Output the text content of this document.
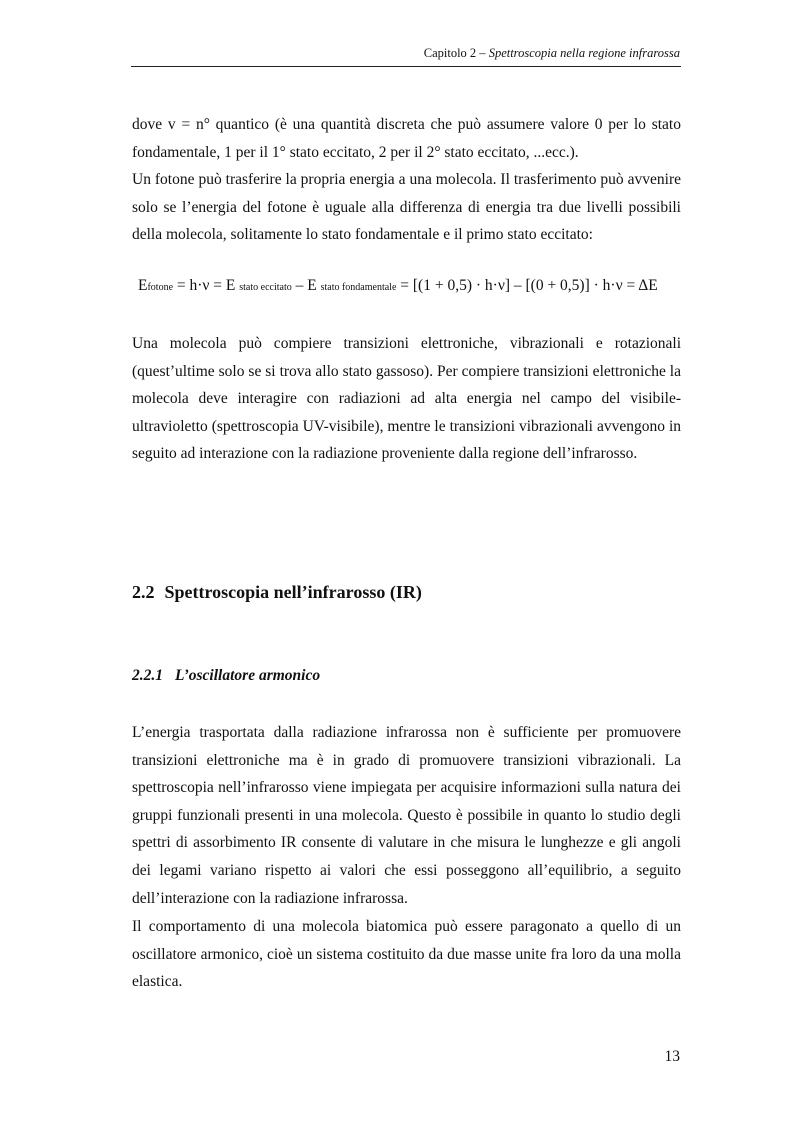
Capitolo 2 – Spettroscopia nella regione infrarossa

dove v = n° quantico (è una quantità discreta che può assumere valore 0 per lo stato fondamentale, 1 per il 1° stato eccitato, 2 per il 2° stato eccitato, ...ecc.).

Un fotone può trasferire la propria energia a una molecola. Il trasferimento può avvenire solo se l’energia del fotone è uguale alla differenza di energia tra due livelli possibili della molecola, solitamente lo stato fondamentale e il primo stato eccitato:

Efotone = h·ν = E stato eccitato – E stato fondamentale = [(1 + 0,5) · h·ν] – [(0 + 0,5)] · h·ν = ΔE

Una molecola può compiere transizioni elettroniche, vibrazionali e rotazionali (quest’ultime solo se si trova allo stato gassoso). Per compiere transizioni elettroniche la molecola deve interagire con radiazioni ad alta energia nel campo del visibile-ultravioletto (spettroscopia UV-visibile), mentre le transizioni vibrazionali avvengono in seguito ad interazione con la radiazione proveniente dalla regione dell’infrarosso.

2.2 Spettroscopia nell’infrarosso (IR)
2.2.1 L’oscillatore armonico

L’energia trasportata dalla radiazione infrarossa non è sufficiente per promuovere transizioni elettroniche ma è in grado di promuovere transizioni vibrazionali. La spettroscopia nell’infrarosso viene impiegata per acquisire informazioni sulla natura dei gruppi funzionali presenti in una molecola. Questo è possibile in quanto lo studio degli spettri di assorbimento IR consente di valutare in che misura le lunghezze e gli angoli dei legami variano rispetto ai valori che essi posseggono all’equilibrio, a seguito dell’interazione con la radiazione infrarossa.

Il comportamento di una molecola biatomica può essere paragonato a quello di un oscillatore armonico, cioè un sistema costituito da due masse unite fra loro da una molla elastica.

13
